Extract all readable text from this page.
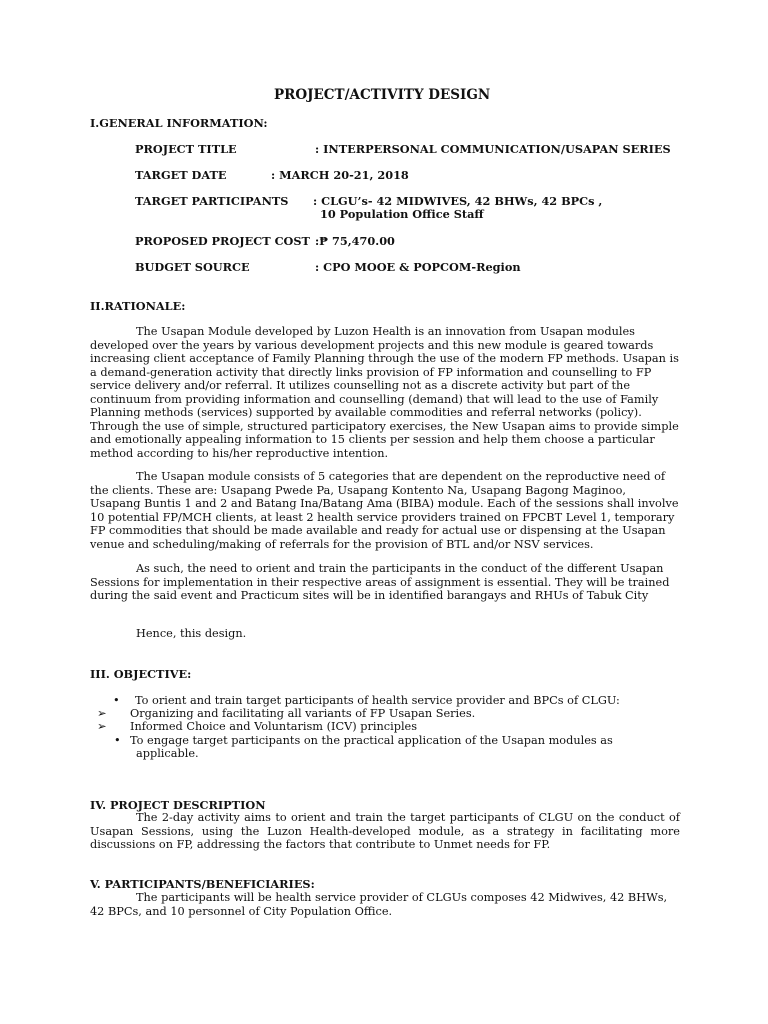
PROJECT/ACTIVITY DESIGN
I.GENERAL INFORMATION:
PROJECT TITLE	: INTERPERSONAL COMMUNICATION/USAPAN SERIES
TARGET DATE	: MARCH 20-21, 2018
TARGET PARTICIPANTS : CLGU’s- 42 MIDWIVES, 42 BHWs, 42 BPCs ,
10 Population Office Staff
PROPOSED PROJECT COST :₱ 75,470.00
BUDGET SOURCE	: CPO MOOE & POPCOM-Region
II.RATIONALE:

The Usapan Module developed by Luzon Health is an innovation from Usapan modules developed over the years by various development projects and this new module is geared towards increasing client acceptance of Family Planning through the use of the modern FP methods. Usapan is a demand-generation activity that directly links provision of FP information and counselling to FP service delivery and/or referral. It utilizes counselling not as a discrete activity but part of the continuum from providing information and counselling (demand) that will lead to the use of Family Planning methods (services) supported by available commodities and referral networks (policy). Through the use of simple, structured participatory exercises, the New Usapan aims to provide simple and emotionally appealing information to 15 clients per session and help them choose a particular method according to his/her reproductive intention.

The Usapan module consists of 5 categories that are dependent on the reproductive need of the clients. These are: Usapang Pwede Pa, Usapang Kontento Na, Usapang Bagong Maginoo, Usapang Buntis 1 and 2 and Batang Ina/Batang Ama (BIBA) module. Each of the sessions shall involve 10 potential FP/MCH clients, at least 2 health service providers trained on FPCBT Level 1, temporary FP commodities that should be made available and ready for actual use or dispensing at the Usapan venue and scheduling/making of referrals for the provision of BTL and/or NSV services.

As such, the need to orient and train the participants in the conduct of the different Usapan Sessions for implementation in their respective areas of assignment is essential. They will be trained during the said event and Practicum sites will be in identified barangays and RHUs of Tabuk City

Hence, this design.
III. OBJECTIVE:
•	To orient and train target participants of health service provider and BPCs of CLGU:
➢	Organizing and facilitating all variants of FP Usapan Series.
➢	Informed Choice and Voluntarism (ICV) principles
• To engage target participants on the practical application of the Usapan modules as
applicable.
IV. PROJECT DESCRIPTION

The 2-day activity aims to orient and train the target participants of CLGU on the conduct of Usapan Sessions, using the Luzon Health-developed module, as a strategy in facilitating more discussions on FP, addressing the factors that contribute to Unmet needs for FP.

V. PARTICIPANTS/BENEFICIARIES:

The participants will be health service provider of CLGUs composes 42 Midwives, 42 BHWs, 42 BPCs, and 10 personnel of City Population Office.
